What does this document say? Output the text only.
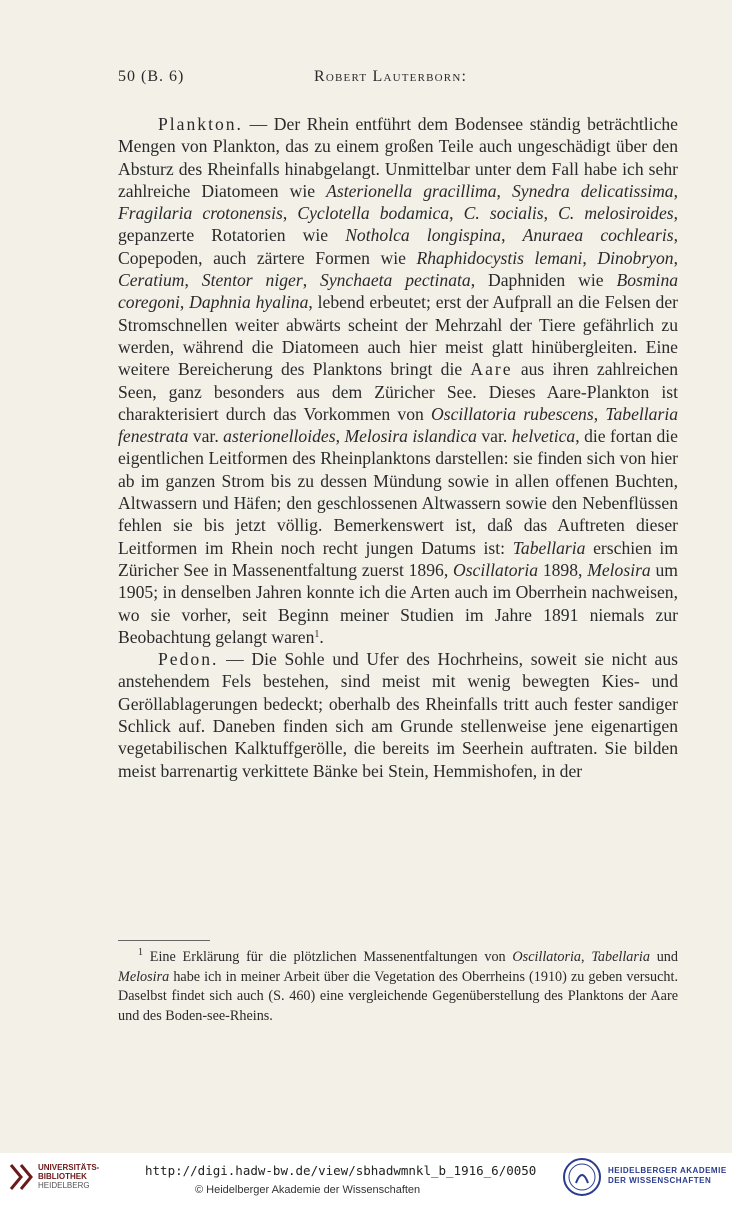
50 (B. 6)	Robert Lauterborn:

Plankton. — Der Rhein entführt dem Bodensee ständig beträchtliche Mengen von Plankton, das zu einem großen Teile auch ungeschädigt über den Absturz des Rheinfalls hinabgelangt. Unmittelbar unter dem Fall habe ich sehr zahlreiche Diatomeen wie Asterionella gracillima, Synedra delicatissima, Fragilaria crotonensis, Cyclotella bodamica, C. socialis, C. melosiroides, gepanzerte Rotatorien wie Notholca longispina, Anuraea cochlearis, Copepoden, auch zärtere Formen wie Rhaphidocystis lemani, Dinobryon, Ceratium, Stentor niger, Synchaeta pectinata, Daphniden wie Bosmina coregoni, Daphnia hyalina, lebend erbeutet; erst der Aufprall an die Felsen der Stromschnellen weiter abwärts scheint der Mehrzahl der Tiere gefährlich zu werden, während die Diatomeen auch hier meist glatt hinübergleiten. Eine weitere Bereicherung des Planktons bringt die Aare aus ihren zahlreichen Seen, ganz besonders aus dem Züricher See. Dieses Aare-Plankton ist charakterisiert durch das Vorkommen von Oscillatoria rubescens, Tabellaria fenestrata var. asterionelloides, Melosira islandica var. helvetica, die fortan die eigentlichen Leitformen des Rheinplanktons darstellen: sie finden sich von hier ab im ganzen Strom bis zu dessen Mündung sowie in allen offenen Buchten, Altwassern und Häfen; den geschlossenen Altwassern sowie den Nebenflüssen fehlen sie bis jetzt völlig. Bemerkenswert ist, daß das Auftreten dieser Leitformen im Rhein noch recht jungen Datums ist: Tabellaria erschien im Züricher See in Massenentfaltung zuerst 1896, Oscillatoria 1898, Melosira um 1905; in denselben Jahren konnte ich die Arten auch im Oberrhein nachweisen, wo sie vorher, seit Beginn meiner Studien im Jahre 1891 niemals zur Beobachtung gelangt waren$^1$.

Pedon. — Die Sohle und Ufer des Hochrheins, soweit sie nicht aus anstehendem Fels bestehen, sind meist mit wenig bewegten Kies- und Geröllablagerungen bedeckt; oberhalb des Rheinfalls tritt auch fester sandiger Schlick auf. Daneben finden sich am Grunde stellenweise jene eigenartigen vegetabilischen Kalktuffgerölle, die bereits im Seerhein auftraten. Sie bilden meist barrenartig verkittete Bänke bei Stein, Hemmishofen, in der

$^1$ Eine Erklärung für die plötzlichen Massenentfaltungen von Oscillatoria, Tabellaria und Melosira habe ich in meiner Arbeit über die Vegetation des Oberrheins (1910) zu geben versucht. Daselbst findet sich auch (S. 460) eine vergleichende Gegenüberstellung des Planktons der Aare und des Boden-see-Rheins.

UNIVERSITÄTS-
BIBLIOTHEK
HEIDELBERG
http://digi.hadw-bw.de/view/sbhadwmnkl_b_1916_6/0050
© Heidelberger Akademie der Wissenschaften
HEIDELBERGER AKADEMIE
DER WISSENSCHAFTEN
